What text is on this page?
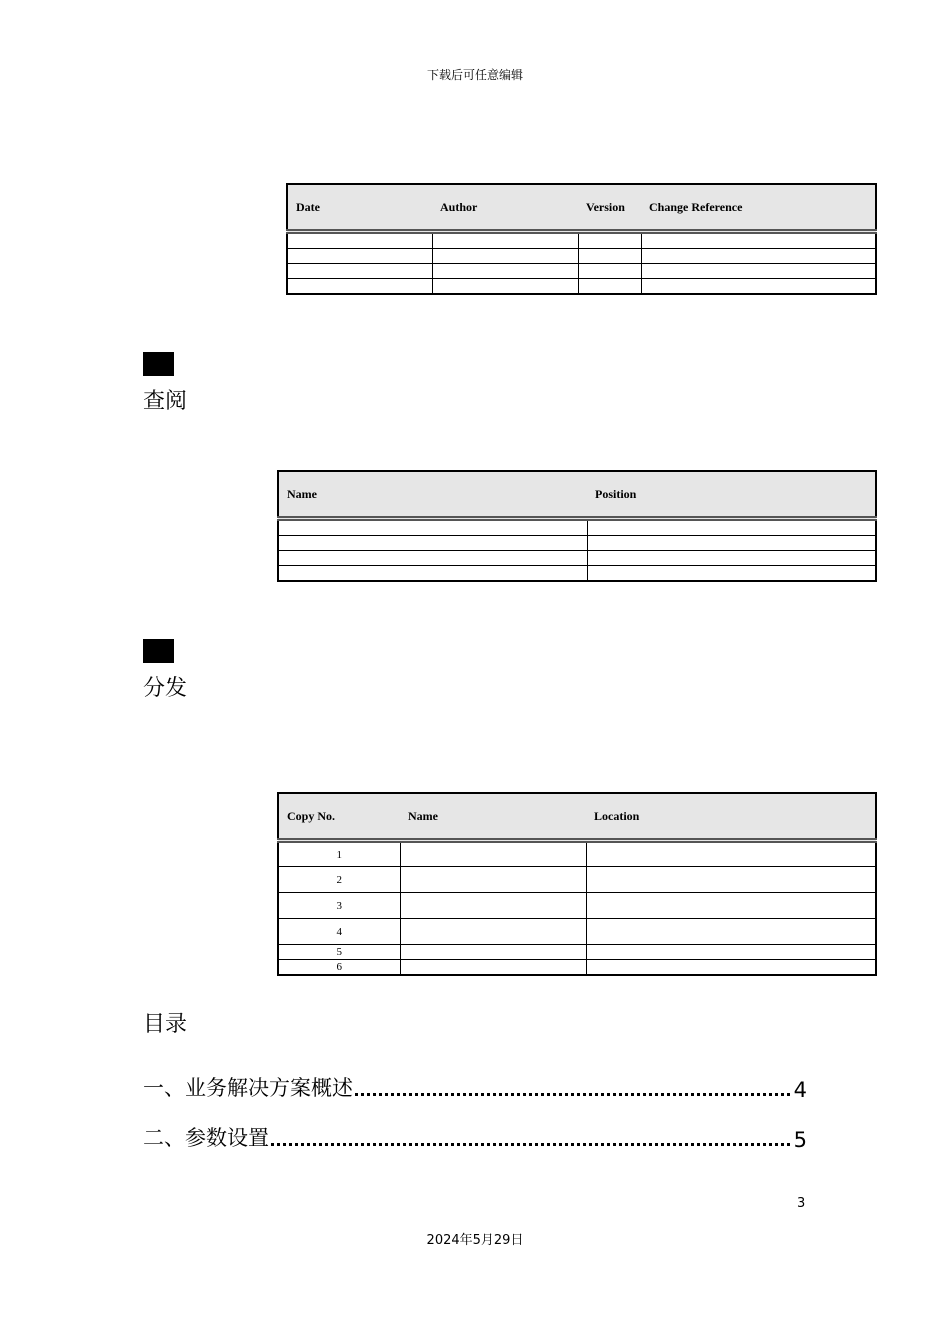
下载后可任意编辑
Date	Author	Version	Change Reference

查阅
Name	Position

分发
Copy No.	Name	Location
1		
2		
3		
4		
5		
6		
目录
一、业务解决方案概述	4
二、参数设置	5
3
2024年5月29日
